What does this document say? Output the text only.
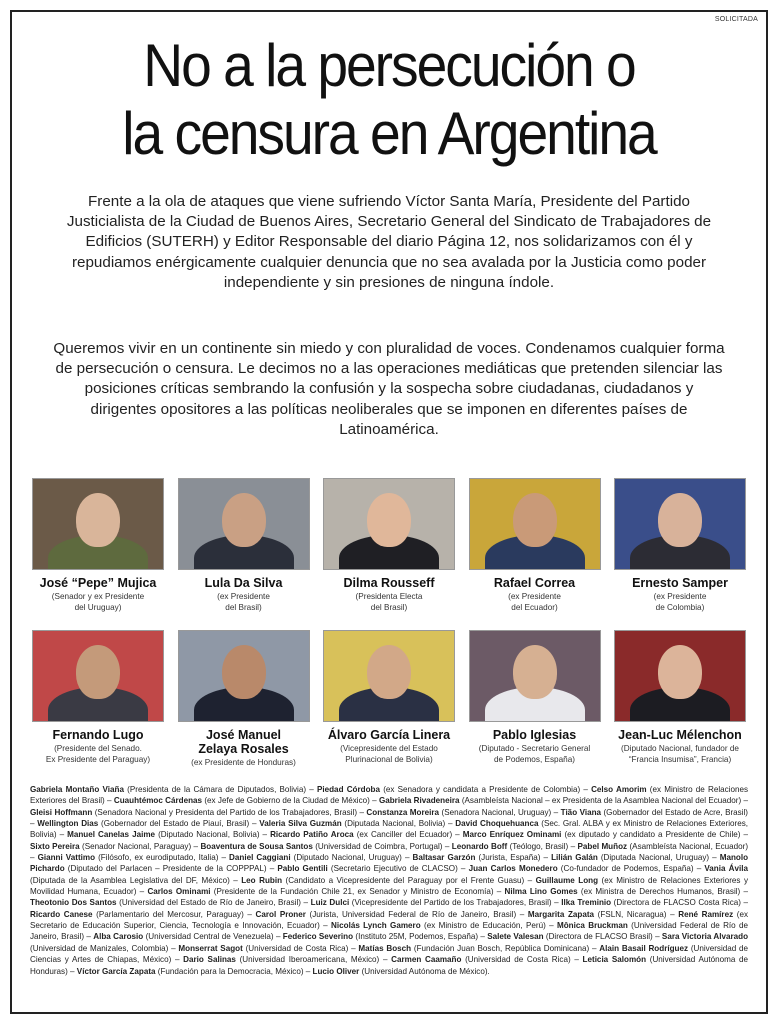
SOLICITADA
No a la persecución o
la censura en Argentina

Frente a la ola de ataques que viene sufriendo Víctor Santa María, Presidente del Partido Justicialista de la Ciudad de Buenos Aires, Secretario General del Sindicato de Trabajadores de Edificios (SUTERH) y Editor Responsable del diario Página 12, nos solidarizamos con él y repudiamos enérgicamente cualquier denuncia que no sea avalada por la Justicia como poder independiente y sin presiones de ninguna índole.

Queremos vivir en un continente sin miedo y con pluralidad de voces. Condenamos cualquier forma de persecución o censura. Le decimos no a las operaciones mediáticas que pretenden silenciar las posiciones críticas sembrando la confusión y la sospecha sobre ciudadanas, ciudadanos y dirigentes opositores a las políticas neoliberales que se imponen en diferentes países de Latinoamérica.

José “Pepe” Mujica
(Senador y ex Presidente
del Uruguay)
Lula Da Silva
(ex Presidente
del Brasil)
Dilma Rousseff
(Presidenta Electa
del Brasil)
Rafael Correa
(ex Presidente
del Ecuador)
Ernesto Samper
(ex Presidente
de Colombia)
Fernando Lugo
(Presidente del Senado.
Ex Presidente del Paraguay)
José Manuel
Zelaya Rosales
(ex Presidente de Honduras)
Álvaro García Linera
(Vicepresidente del Estado
Plurinacional de Bolivia)
Pablo Iglesias
(Diputado - Secretario General
de Podemos, España)
Jean-Luc Mélenchon
(Diputado Nacional, fundador de
“Francia Insumisa”, Francia)
Gabriela Montaño Viaña (Presidenta de la Cámara de Diputados, Bolivia) – Piedad Córdoba (ex Senadora y candidata a Presidente de Colombia) – Celso Amorim (ex Ministro de Relaciones Exteriores del Brasil) – Cuauhtémoc Cárdenas (ex Jefe de Gobierno de la Ciudad de México) – Gabriela Rivadeneira (Asambleísta Nacional – ex Presidenta de la Asamblea Nacional del Ecuador) – Gleisi Hoffmann (Senadora Nacional y Presidenta del Partido de los Trabajadores, Brasil) – Constanza Moreira (Senadora Nacional, Uruguay) – Tião Viana (Gobernador del Estado de Acre, Brasil) – Wellington Dias (Gobernador del Estado de Piauí, Brasil) – Valeria Silva Guzmán (Diputada Nacional, Bolivia) – David Choquehuanca (Sec. Gral. ALBA y ex Ministro de Relaciones Exteriores, Bolivia) – Manuel Canelas Jaime (Diputado Nacional, Bolivia) – Ricardo Patiño Aroca (ex Canciller del Ecuador) – Marco Enríquez Ominami (ex diputado y candidato a Presidente de Chile) – Sixto Pereira (Senador Nacional, Paraguay) – Boaventura de Sousa Santos (Universidad de Coimbra, Portugal) – Leonardo Boff (Teólogo, Brasil) – Pabel Muñoz (Asambleísta Nacional, Ecuador) – Gianni Vattimo (Filósofo, ex eurodiputado, Italia) – Daniel Caggiani (Diputado Nacional, Uruguay) – Baltasar Garzón (Jurista, España) – Lilián Galán (Diputada Nacional, Uruguay) – Manolo Pichardo (Diputado del Parlacen – Presidente de la COPPPAL) – Pablo Gentili (Secretario Ejecutivo de CLACSO) – Juan Carlos Monedero (Co-fundador de Podemos, España) – Vania Ávila (Diputada de la Asamblea Legislativa del DF, México) – Leo Rubin (Candidato a Vicepresidente del Paraguay por el Frente Guasu) – Guillaume Long (ex Ministro de Relaciones Exteriores y Movilidad Humana, Ecuador) – Carlos Ominami (Presidente de la Fundación Chile 21, ex Senador y Ministro de Economía) – Nilma Lino Gomes (ex Ministra de Derechos Humanos, Brasil) – Theotonio Dos Santos (Universidad del Estado de Río de Janeiro, Brasil) – Luiz Dulci (Vicepresidente del Partido de los Trabajadores, Brasil) – Ilka Treminio (Directora de FLACSO Costa Rica) – Ricardo Canese (Parlamentario del Mercosur, Paraguay) – Carol Proner (Jurista, Universidad Federal de Río de Janeiro, Brasil) – Margarita Zapata (FSLN, Nicaragua) – René Ramírez (ex Secretario de Educación Superior, Ciencia, Tecnología e Innovación, Ecuador) – Nicolás Lynch Gamero (ex Ministro de Educación, Perú) – Mônica Bruckman (Universidad Federal de Río de Janeiro, Brasil) – Alba Carosio (Universidad Central de Venezuela) – Federico Severino (Instituto 25M, Podemos, España) – Salete Valesan (Directora de FLACSO Brasil) – Sara Victoria Alvarado (Universidad de Manizales, Colombia) – Monserrat Sagot (Universidad de Costa Rica) – Matías Bosch (Fundación Juan Bosch, República Dominicana) – Alain Basail Rodríguez (Universidad de Ciencias y Artes de Chiapas, México) – Dario Salinas (Universidad Iberoamericana, México) – Carmen Caamaño (Universidad de Costa Rica) – Leticia Salomón (Universidad Autónoma de Honduras) – Víctor García Zapata (Fundación para la Democracia, México) – Lucio Oliver (Universidad Autónoma de México).
